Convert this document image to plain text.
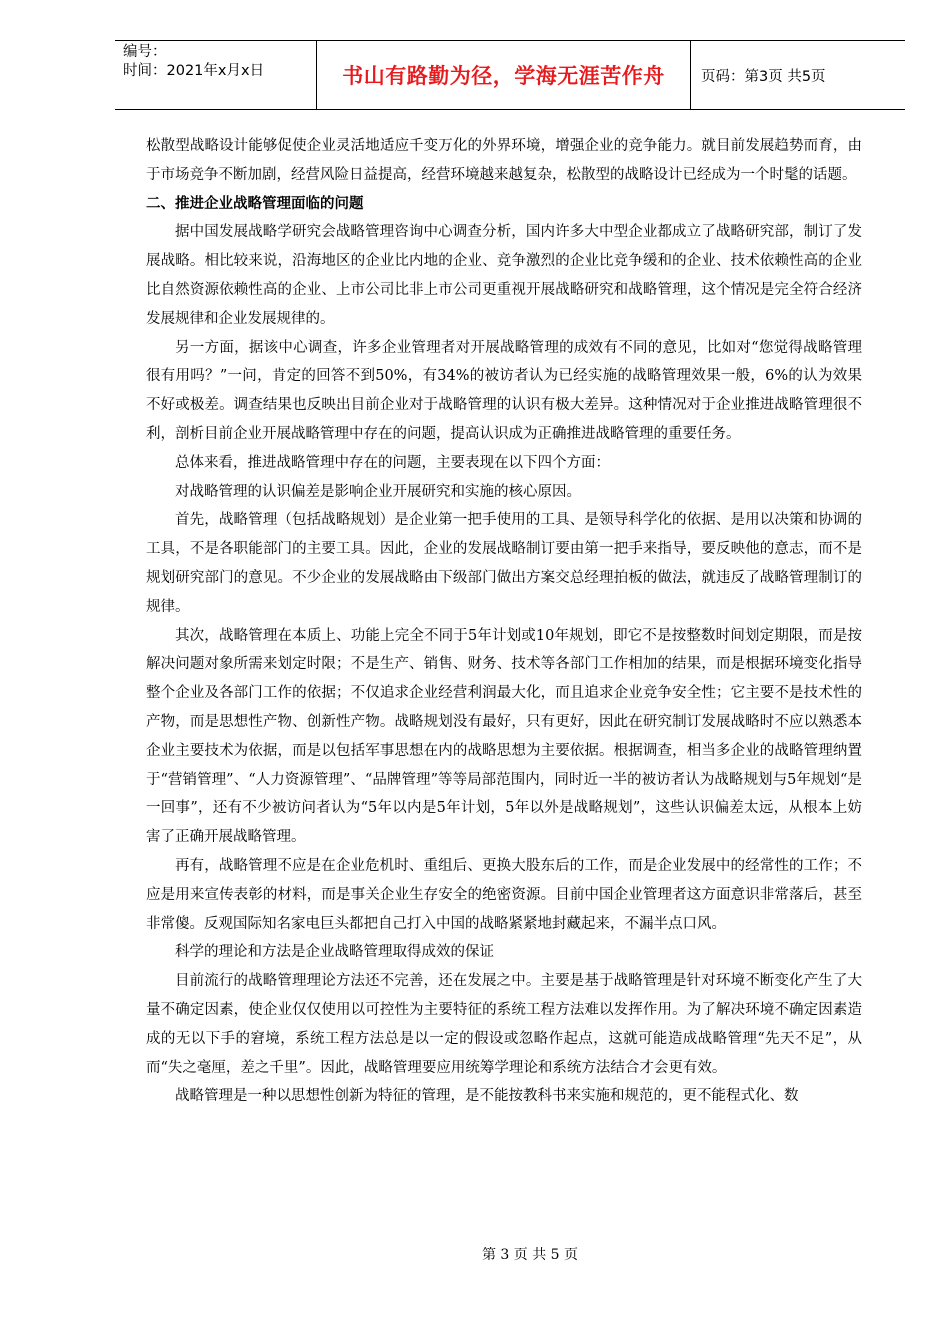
编号：
时间：2021年x月x日	书山有路勤为径，学海无涯苦作舟	页码：第3页 共5页

松散型战略设计能够促使企业灵活地适应千变万化的外界环境，增强企业的竞争能力。就目前发展趋势而育，由于市场竞争不断加剧，经营风险日益提高，经营环境越来越复杂，松散型的战略设计已经成为一个时髦的话题。

二、推进企业战略管理面临的问题

据中国发展战略学研究会战略管理咨询中心调查分析，国内许多大中型企业都成立了战略研究部，制订了发展战略。相比较来说，沿海地区的企业比内地的企业、竞争激烈的企业比竞争缓和的企业、技术依赖性高的企业比自然资源依赖性高的企业、上市公司比非上市公司更重视开展战略研究和战略管理，这个情况是完全符合经济发展规律和企业发展规律的。

另一方面，据该中心调查，许多企业管理者对开展战略管理的成效有不同的意见，比如对“您觉得战略管理很有用吗？”一问，肯定的回答不到50%，有34%的被访者认为已经实施的战略管理效果一般，6%的认为效果不好或极差。调查结果也反映出目前企业对于战略管理的认识有极大差异。这种情况对于企业推进战略管理很不利，剖析目前企业开展战略管理中存在的问题，提高认识成为正确推进战略管理的重要任务。

总体来看，推进战略管理中存在的问题，主要表现在以下四个方面：

对战略管理的认识偏差是影响企业开展研究和实施的核心原因。

首先，战略管理（包括战略规划）是企业第一把手使用的工具、是领导科学化的依据、是用以决策和协调的工具，不是各职能部门的主要工具。因此，企业的发展战略制订要由第一把手来指导，要反映他的意志，而不是规划研究部门的意见。不少企业的发展战略由下级部门做出方案交总经理拍板的做法，就违反了战略管理制订的规律。

其次，战略管理在本质上、功能上完全不同于5年计划或10年规划，即它不是按整数时间划定期限，而是按解决问题对象所需来划定时限；不是生产、销售、财务、技术等各部门工作相加的结果，而是根据环境变化指导整个企业及各部门工作的依据；不仅追求企业经营利润最大化，而且追求企业竞争安全性；它主要不是技术性的产物，而是思想性产物、创新性产物。战略规划没有最好，只有更好，因此在研究制订发展战略时不应以熟悉本企业主要技术为依据，而是以包括军事思想在内的战略思想为主要依据。根据调查，相当多企业的战略管理纳置于“营销管理”、“人力资源管理”、“品牌管理”等等局部范围内，同时近一半的被访者认为战略规划与5年规划“是一回事”，还有不少被访问者认为“5年以内是5年计划，5年以外是战略规划”，这些认识偏差太远，从根本上妨害了正确开展战略管理。

再有，战略管理不应是在企业危机时、重组后、更换大股东后的工作，而是企业发展中的经常性的工作；不应是用来宣传表彰的材料，而是事关企业生存安全的绝密资源。目前中国企业管理者这方面意识非常落后，甚至非常傻。反观国际知名家电巨头都把自己打入中国的战略紧紧地封藏起来，不漏半点口风。

科学的理论和方法是企业战略管理取得成效的保证

目前流行的战略管理理论方法还不完善，还在发展之中。主要是基于战略管理是针对环境不断变化产生了大量不确定因素，使企业仅仅使用以可控性为主要特征的系统工程方法难以发挥作用。为了解决环境不确定因素造成的无以下手的窘境，系统工程方法总是以一定的假设或忽略作起点，这就可能造成战略管理“先天不足”，从而“失之毫厘，差之千里”。因此，战略管理要应用统筹学理论和系统方法结合才会更有效。

战略管理是一种以思想性创新为特征的管理，是不能按教科书来实施和规范的，更不能程式化、数

第 3 页 共 5 页
